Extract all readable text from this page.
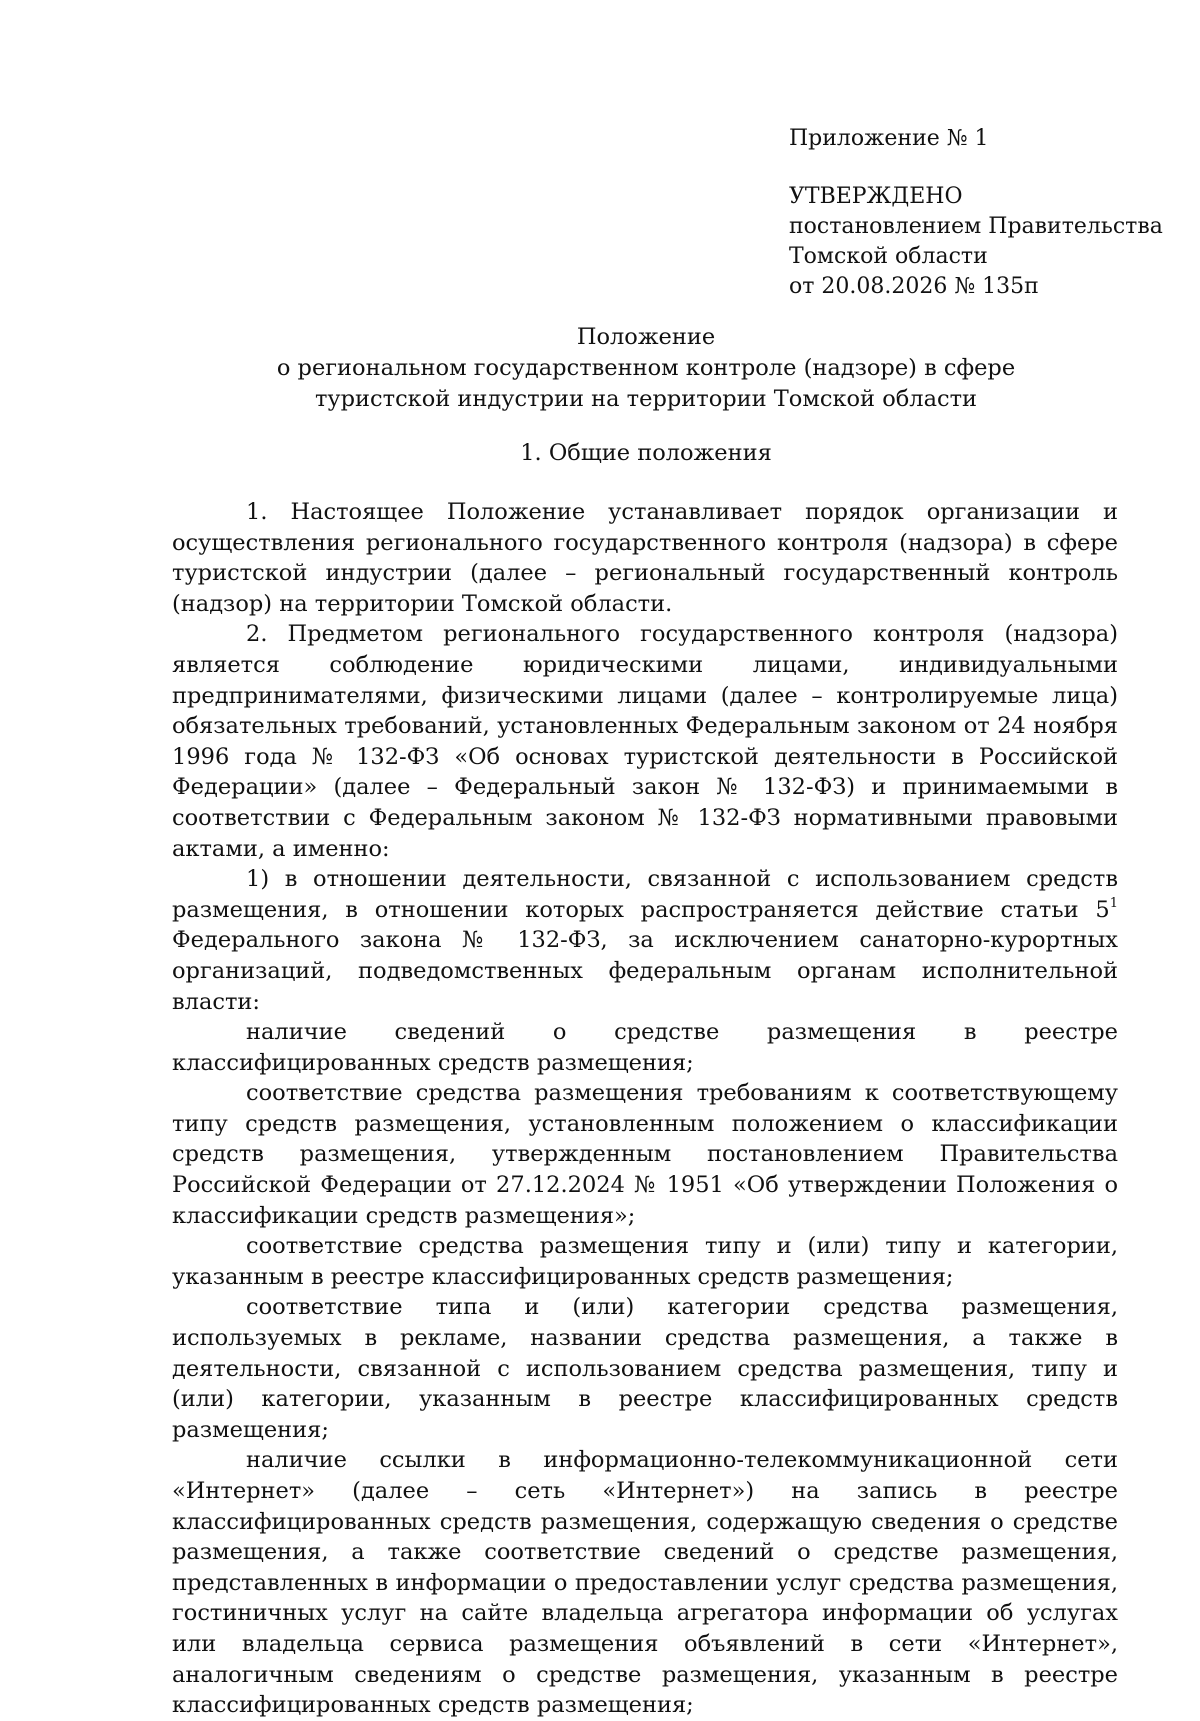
Приложение № 1
УТВЕРЖДЕНО
постановлением Правительства
Томской области
от 20.08.2026 № 135п
Положение
о региональном государственном контроле (надзоре) в сфере
туристской индустрии на территории Томской области
1. Общие положения

1. Настоящее Положение устанавливает порядок организации и осуществления регионального государственного контроля (надзора) в сфере туристской индустрии (далее – региональный государственный контроль (надзор) на территории Томской области.

2. Предметом регионального государственного контроля (надзора) является соблюдение юридическими лицами, индивидуальными предпринимателями, физическими лицами (далее – контролируемые лица) обязательных требований, установленных Федеральным законом от 24 ноября 1996 года № 132-ФЗ «Об основах туристской деятельности в Российской Федерации» (далее – Федеральный закон № 132-ФЗ) и принимаемыми в соответствии с Федеральным законом № 132-ФЗ нормативными правовыми актами, а именно:

1) в отношении деятельности, связанной с использованием средств размещения, в отношении которых распространяется действие статьи $5^1$ Федерального закона № 132-ФЗ, за исключением санаторно-курортных организаций, подведомственных федеральным органам исполнительной власти:

наличие сведений о средстве размещения в реестре классифицированных средств размещения;

соответствие средства размещения требованиям к соответствующему типу средств размещения, установленным положением о классификации средств размещения, утвержденным постановлением Правительства Российской Федерации от 27.12.2024 № 1951 «Об утверждении Положения о классификации средств размещения»;

соответствие средства размещения типу и (или) типу и категории, указанным в реестре классифицированных средств размещения;

соответствие типа и (или) категории средства размещения, используемых в рекламе, названии средства размещения, а также в деятельности, связанной с использованием средства размещения, типу и (или) категории, указанным в реестре классифицированных средств размещения;

наличие ссылки в информационно-телекоммуникационной сети «Интернет» (далее – сеть «Интернет») на запись в реестре классифицированных средств размещения, содержащую сведения о средстве размещения, а также соответствие сведений о средстве размещения, представленных в информации о предоставлении услуг средства размещения, гостиничных услуг на сайте владельца агрегатора информации об услугах или владельца сервиса размещения объявлений в сети «Интернет», аналогичным сведениям о средстве размещения, указанным в реестре классифицированных средств размещения;
